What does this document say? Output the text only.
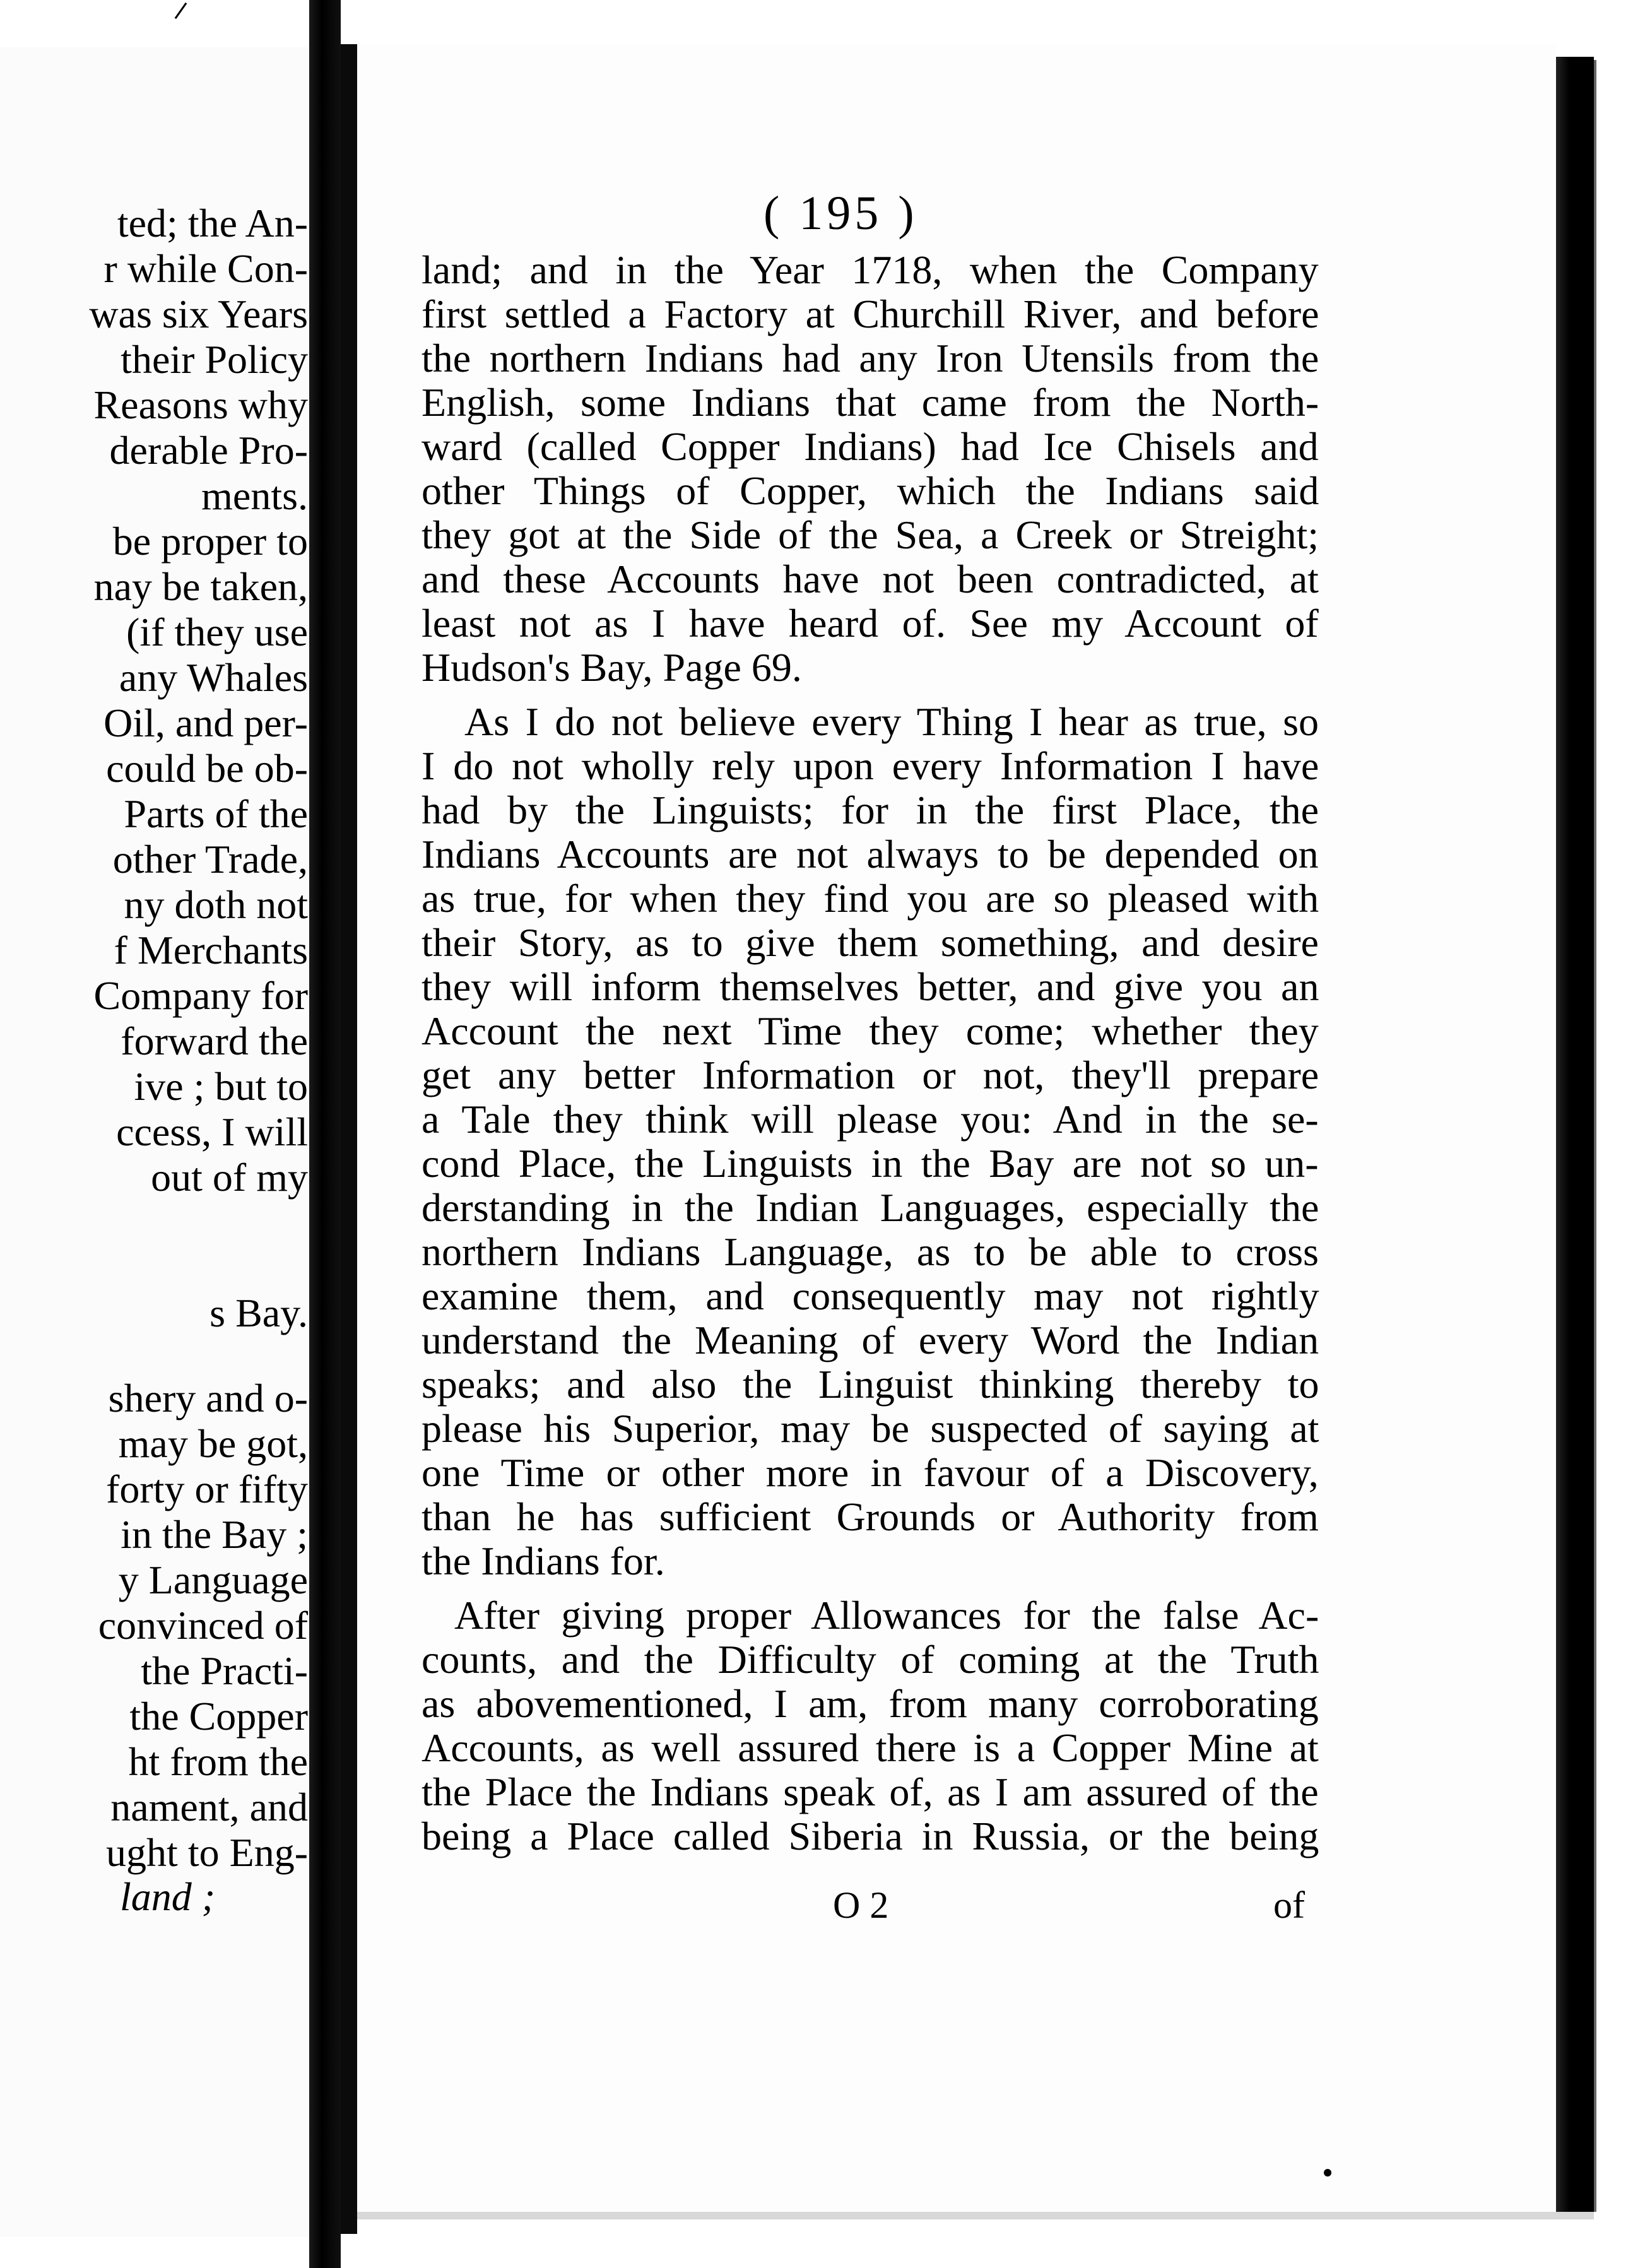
ted; the An-
r while Con-
was six Years
their Policy
Reasons why
derable Pro-
ments.
be proper to
nay be taken,
(if they use
any Whales
Oil, and per-
could be ob-
Parts of the
other Trade,
ny doth not
f Merchants
Company for
forward the
ive ; but to
ccess, I will
out of my
s Bay.
shery and o-
may be got,
forty or fifty
in the Bay ;
y Language
convinced of
the Practi-
the Copper
ht from the
nament, and
ught to Eng-
land ;
( 195 )
land; and in the Year 1718, when the Company
first settled a Factory at Churchill River, and before
the northern Indians had any Iron Utensils from the
English, some Indians that came from the North-
ward (called Copper Indians) had Ice Chisels and
other Things of Copper, which the Indians said
they got at the Side of the Sea, a Creek or Streight;
and these Accounts have not been contradicted, at
least not as I have heard of. See my Account of
Hudson's Bay, Page 69.
As I do not believe every Thing I hear as true, so
I do not wholly rely upon every Information I have
had by the Linguists; for in the first Place, the
Indians Accounts are not always to be depended on
as true, for when they find you are so pleased with
their Story, as to give them something, and desire
they will inform themselves better, and give you an
Account the next Time they come; whether they
get any better Information or not, they'll prepare
a Tale they think will please you: And in the se-
cond Place, the Linguists in the Bay are not so un-
derstanding in the Indian Languages, especially the
northern Indians Language, as to be able to cross
examine them, and consequently may not rightly
understand the Meaning of every Word the Indian
speaks; and also the Linguist thinking thereby to
please his Superior, may be suspected of saying at
one Time or other more in favour of a Discovery,
than he has sufficient Grounds or Authority from
the Indians for.
After giving proper Allowances for the false Ac-
counts, and the Difficulty of coming at the Truth
as abovementioned, I am, from many corroborating
Accounts, as well assured there is a Copper Mine at
the Place the Indians speak of, as I am assured of the
being a Place called Siberia in Russia, or the being
O 2	of
